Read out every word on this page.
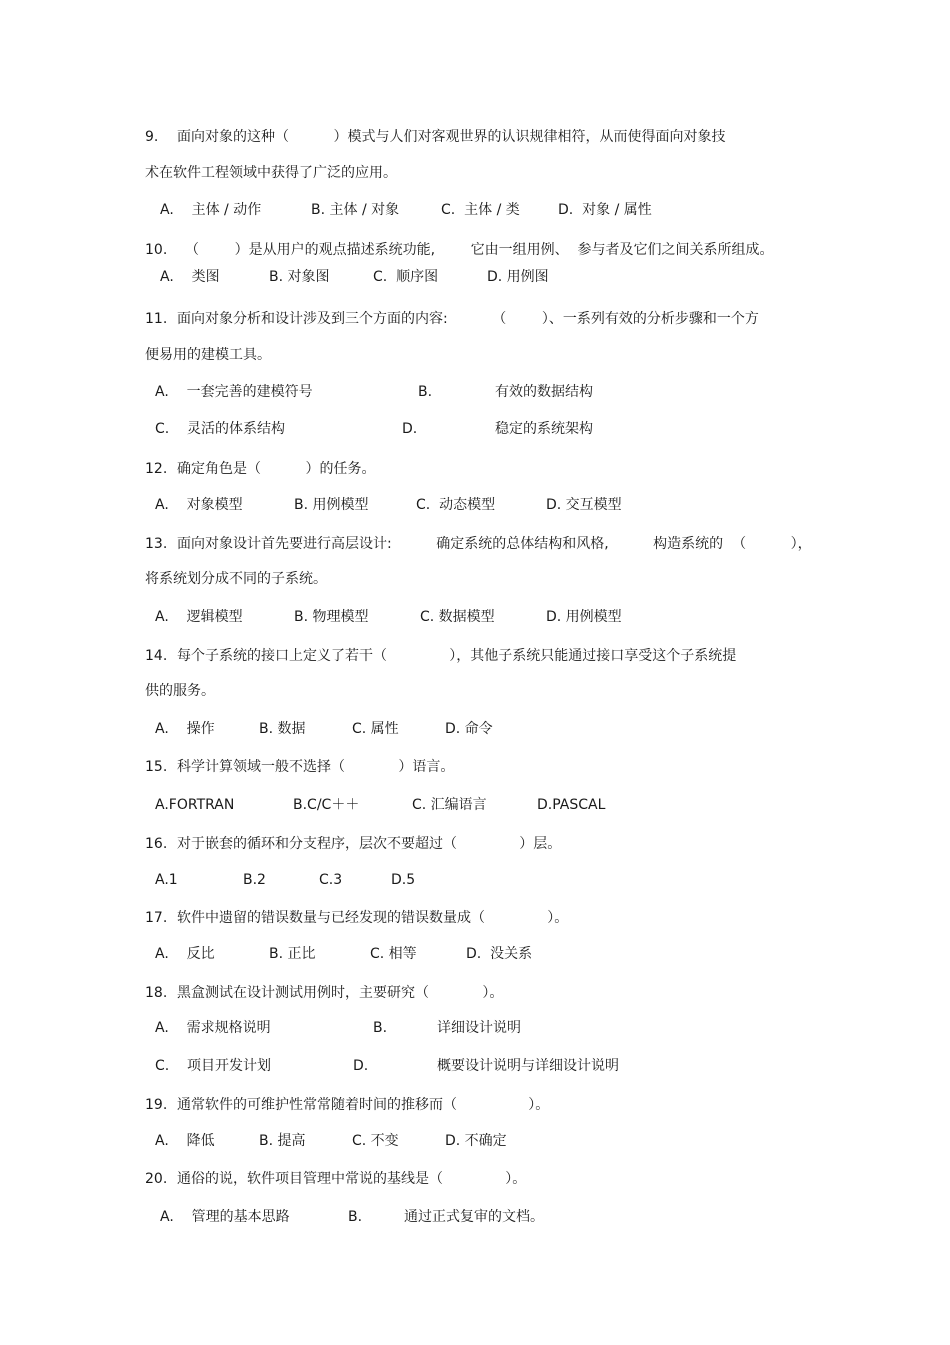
9. 面向对象的这种（          ）模式与人们对客观世界的认识规律相符，从而使得面向对象技
术在软件工程领域中获得了广泛的应用。
A.    主体 / 动作	B. 主体 / 对象	C.  主体 / 类	D.  对象 / 属性
10. （        ）是从用户的观点描述系统功能,        它由一组用例、  参与者及它们之间关系所组成。
A.    类图	B. 对象图	C.  顺序图	D. 用例图
11. 面向对象分析和设计涉及到三个方面的内容:          （        ）、一系列有效的分析步骤和一个方
便易用的建模工具。
A.    一套完善的建模符号	B.	有效的数据结构
C.    灵活的体系结构	D.	稳定的系统架构
12. 确定角色是（          ）的任务。
A.    对象模型	B. 用例模型	C.  动态模型	D. 交互模型
13. 面向对象设计首先要进行高层设计:          确定系统的总体结构和风格,          构造系统的  （          ），
将系统划分成不同的子系统。
A.    逻辑模型	B. 物理模型	C. 数据模型	D. 用例模型
14. 每个子系统的接口上定义了若干（              ），其他子系统只能通过接口享受这个子系统提
供的服务。
A.    操作	B. 数据	C. 属性	D. 命令
15. 科学计算领域一般不选择（            ）语言。
A.FORTRAN	B.C/C＋＋	C. 汇编语言	D.PASCAL
16. 对于嵌套的循环和分支程序，层次不要超过（              ）层。
A.1	B.2	C.3	D.5
17. 软件中遗留的错误数量与已经发现的错误数量成（              ）。
A.    反比	B. 正比	C. 相等	D.  没关系
18. 黑盒测试在设计测试用例时，主要研究（            ）。
A.    需求规格说明	B.	详细设计说明
C.    项目开发计划	D.	概要设计说明与详细设计说明
19. 通常软件的可维护性常常随着时间的推移而（                ）。
A.    降低	B. 提高	C. 不变	D. 不确定
20. 通俗的说，软件项目管理中常说的基线是（              ）。
A.    管理的基本思路	B.	通过正式复审的文档。
